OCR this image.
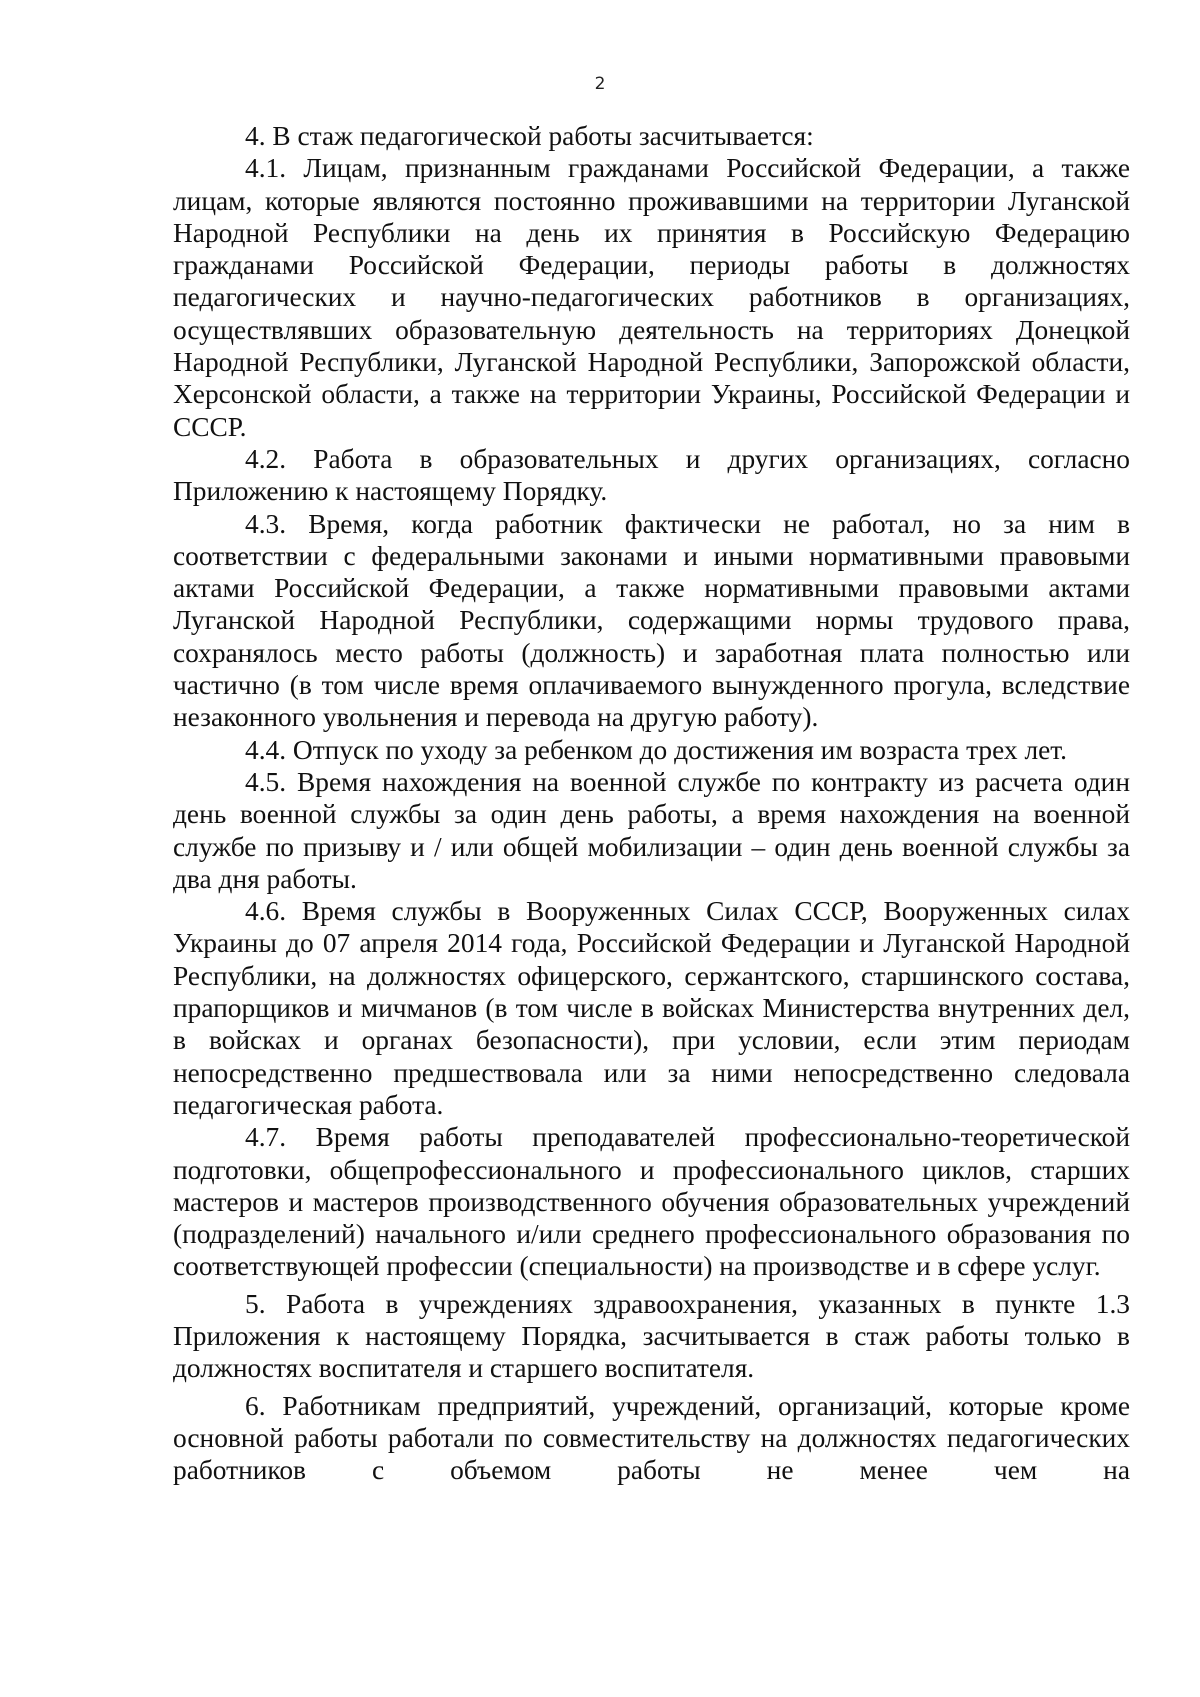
2

4. В стаж педагогической работы засчитывается:

4.1. Лицам, признанным гражданами Российской Федерации, а также лицам, которые являются постоянно проживавшими на территории Луганской Народной Республики на день их принятия в Российскую Федерацию гражданами Российской Федерации, периоды работы в должностях педагогических и научно-педагогических работников в организациях, осуществлявших образовательную деятельность на территориях Донецкой Народной Республики, Луганской Народной Республики, Запорожской области, Херсонской области, а также на территории Украины, Российской Федерации и СССР.

4.2. Работа в образовательных и других организациях, согласно Приложению к настоящему Порядку.

4.3. Время, когда работник фактически не работал, но за ним в соответствии с федеральными законами и иными нормативными правовыми актами Российской Федерации, а также нормативными правовыми актами Луганской Народной Республики, содержащими нормы трудового права, сохранялось место работы (должность) и заработная плата полностью или частично (в том числе время оплачиваемого вынужденного прогула, вследствие незаконного увольнения и перевода на другую работу).

4.4. Отпуск по уходу за ребенком до достижения им возраста трех лет.

4.5. Время нахождения на военной службе по контракту из расчета один день военной службы за один день работы, а время нахождения на военной службе по призыву и / или общей мобилизации – один день военной службы за два дня работы.

4.6. Время службы в Вооруженных Силах СССР, Вооруженных силах Украины до 07 апреля 2014 года, Российской Федерации и Луганской Народной Республики, на должностях офицерского, сержантского, старшинского состава, прапорщиков и мичманов (в том числе в войсках Министерства внутренних дел, в войсках и органах безопасности), при условии, если этим периодам непосредственно предшествовала или за ними непосредственно следовала педагогическая работа.

4.7. Время работы преподавателей профессионально-теоретической подготовки, общепрофессионального и профессионального циклов, старших мастеров и мастеров производственного обучения образовательных учреждений (подразделений) начального и/или среднего профессионального образования по соответствующей профессии (специальности) на производстве и в сфере услуг.

5. Работа в учреждениях здравоохранения, указанных в пункте 1.3 Приложения к настоящему Порядка, засчитывается в стаж работы только в должностях воспитателя и старшего воспитателя.

6. Работникам предприятий, учреждений, организаций, которые кроме основной работы работали по совместительству на должностях педагогических работников с объемом работы не менее чем на
